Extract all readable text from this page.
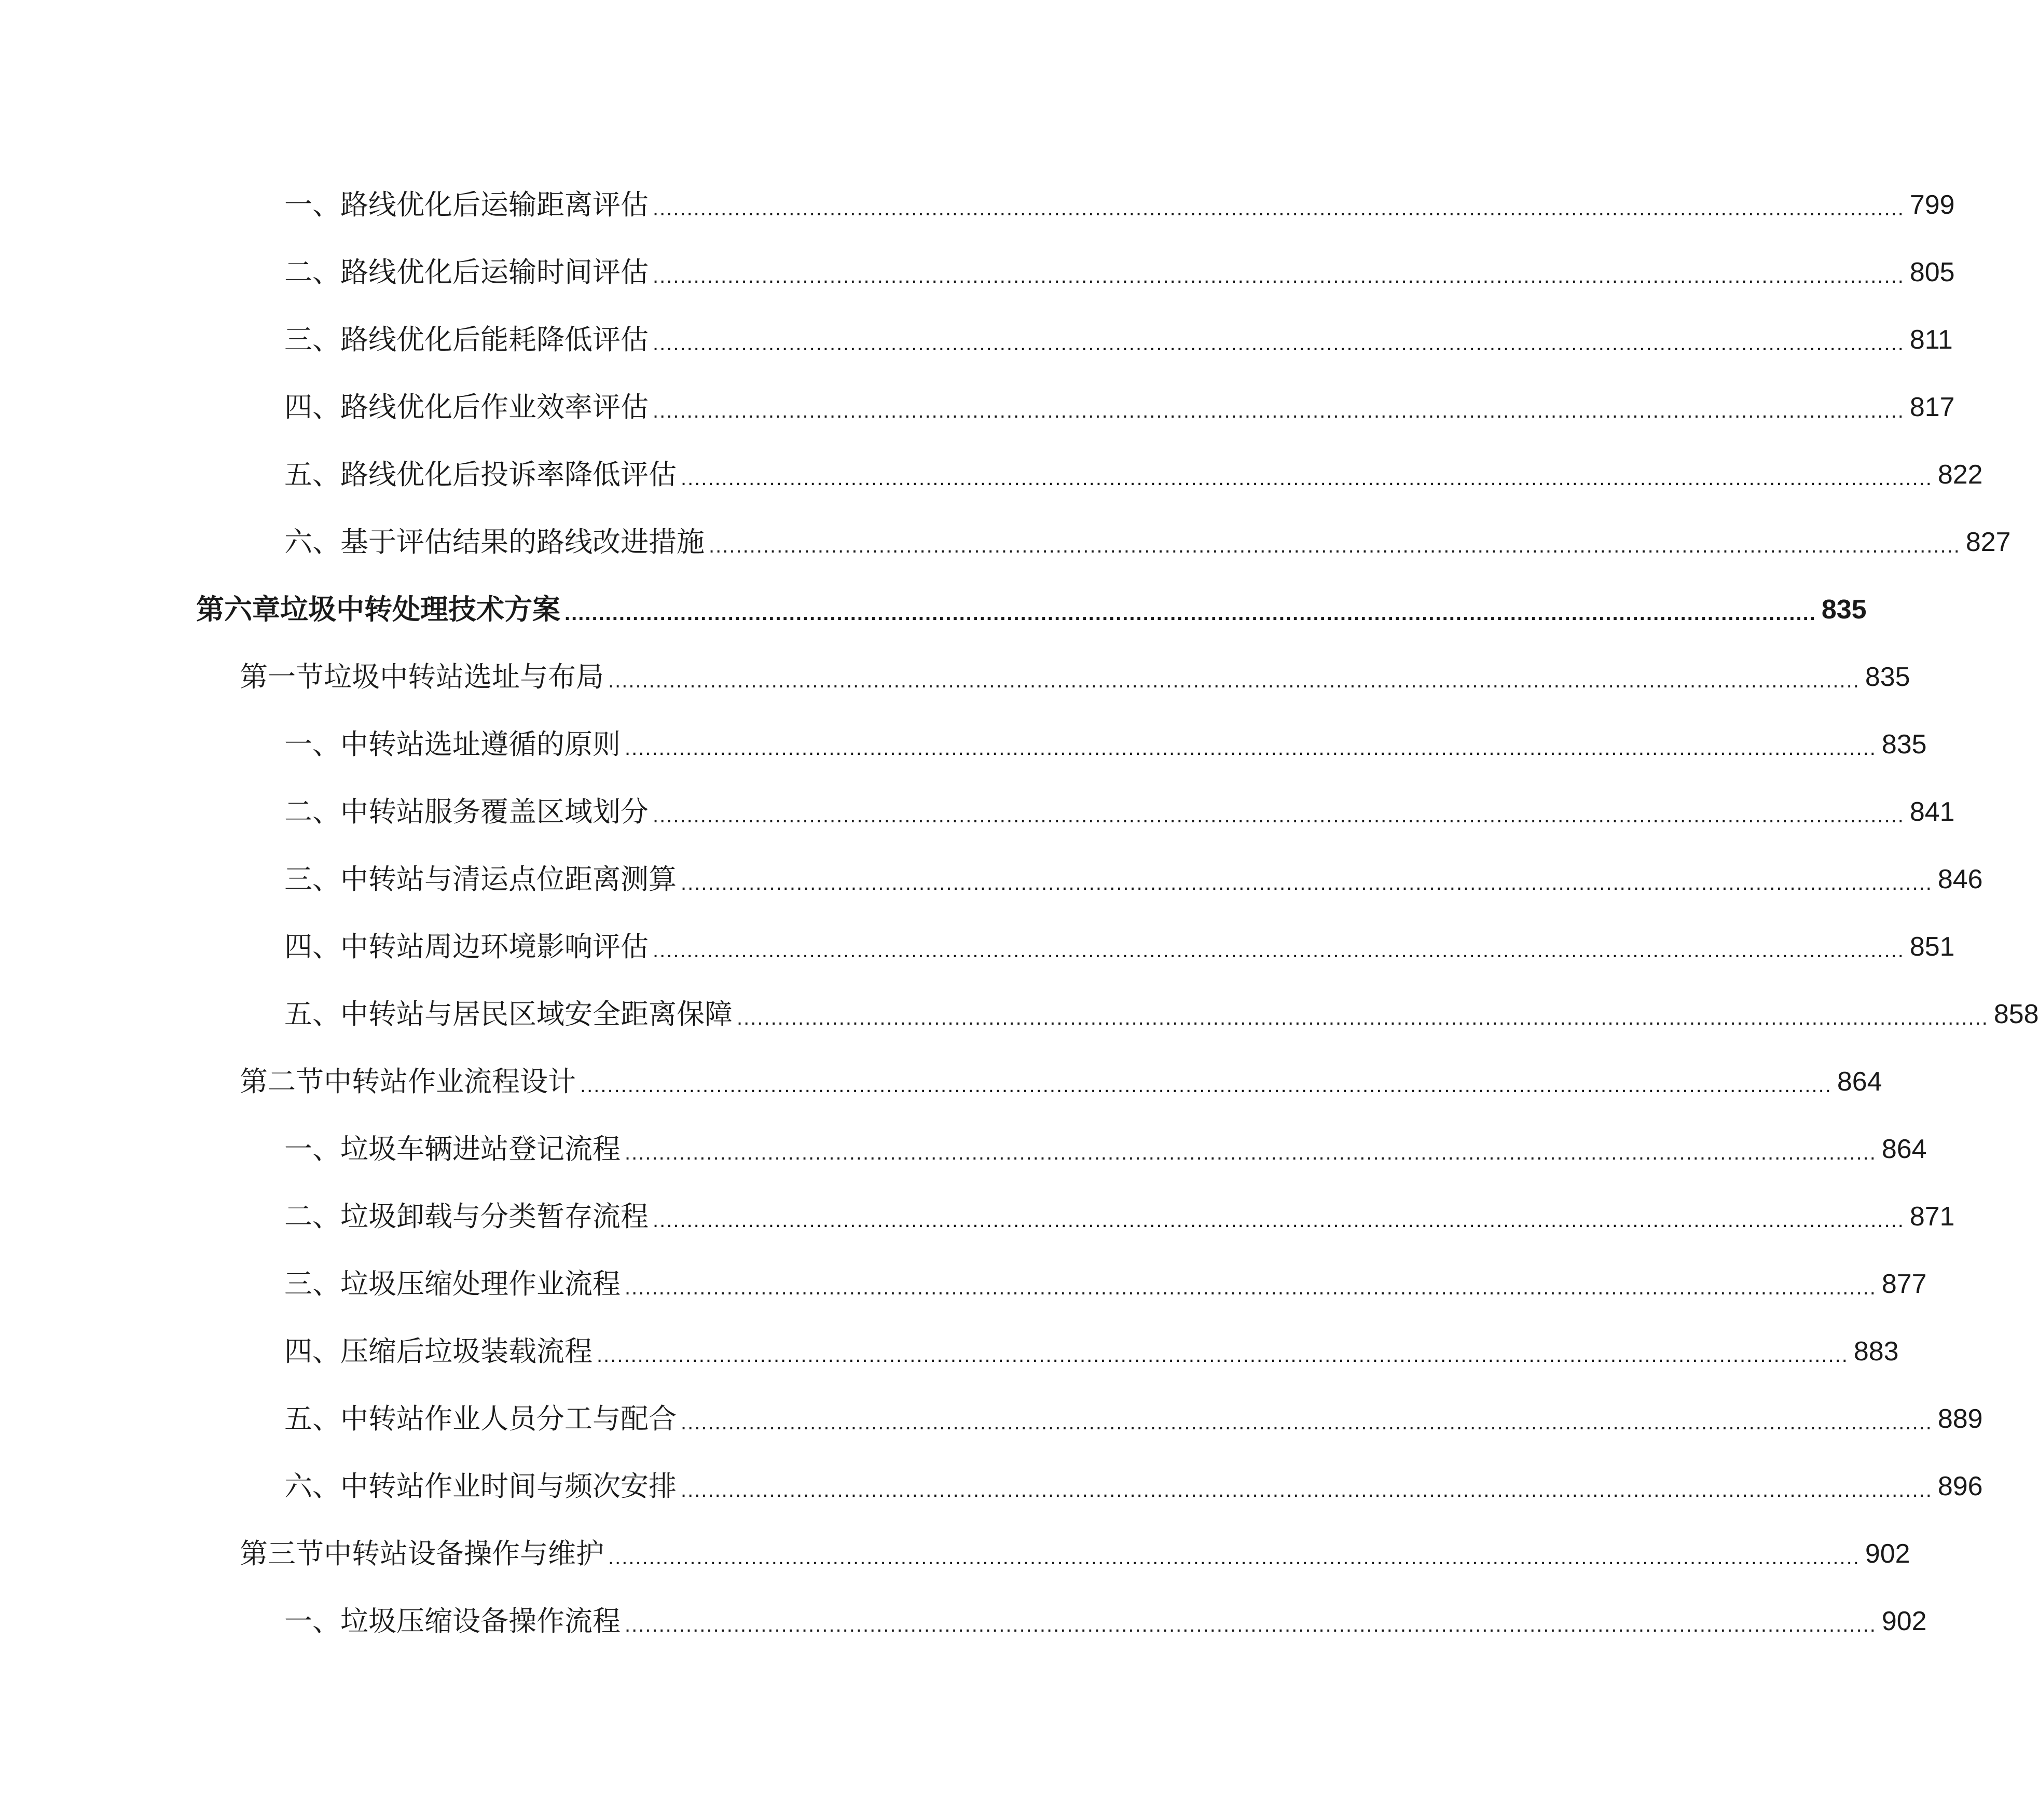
一、路线优化后运输距离评估 ........................................................................................................................................................................................ 799
二、路线优化后运输时间评估 ........................................................................................................................................................................................ 805
三、路线优化后能耗降低评估 ........................................................................................................................................................................................ 811
四、路线优化后作业效率评估 ........................................................................................................................................................................................ 817
五、路线优化后投诉率降低评估 ........................................................................................................................................................................................ 822
六、基于评估结果的路线改进措施 ........................................................................................................................................................................................ 827
第六章垃圾中转处理技术方案 ........................................................................................................................................................................................ 835
第一节垃圾中转站选址与布局 ........................................................................................................................................................................................ 835
一、中转站选址遵循的原则 ........................................................................................................................................................................................ 835
二、中转站服务覆盖区域划分 ........................................................................................................................................................................................ 841
三、中转站与清运点位距离测算 ........................................................................................................................................................................................ 846
四、中转站周边环境影响评估 ........................................................................................................................................................................................ 851
五、中转站与居民区域安全距离保障 ........................................................................................................................................................................................ 858
第二节中转站作业流程设计 ........................................................................................................................................................................................ 864
一、垃圾车辆进站登记流程 ........................................................................................................................................................................................ 864
二、垃圾卸载与分类暂存流程 ........................................................................................................................................................................................ 871
三、垃圾压缩处理作业流程 ........................................................................................................................................................................................ 877
四、压缩后垃圾装载流程 ........................................................................................................................................................................................ 883
五、中转站作业人员分工与配合 ........................................................................................................................................................................................ 889
六、中转站作业时间与频次安排 ........................................................................................................................................................................................ 896
第三节中转站设备操作与维护 ........................................................................................................................................................................................ 902
一、垃圾压缩设备操作流程 ........................................................................................................................................................................................ 902
